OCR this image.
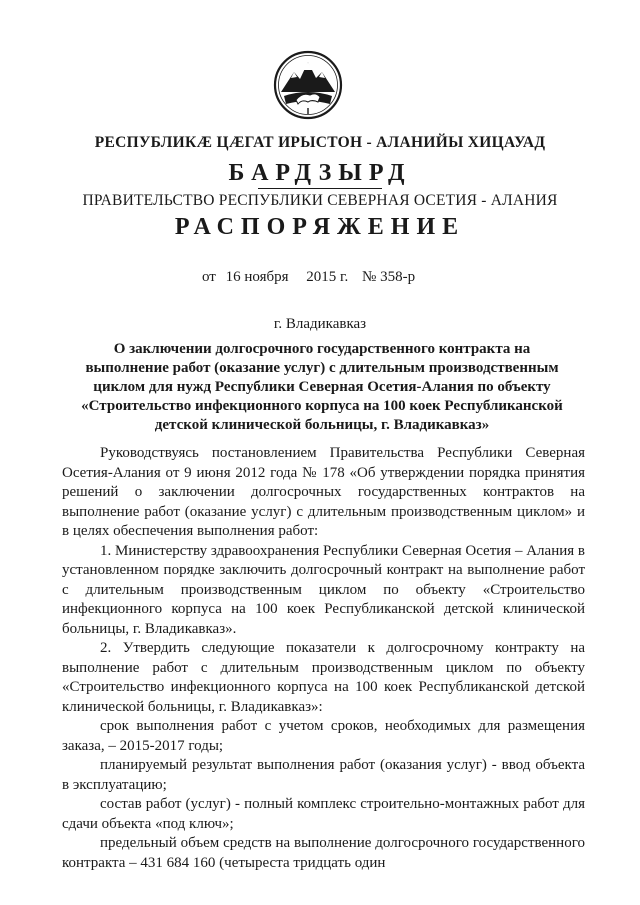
РЕСПУБЛИКÆ ЦÆГАТ ИРЫСТОН - АЛАНИЙЫ ХИЦАУАД
БАРДЗЫРД
ПРАВИТЕЛЬСТВО РЕСПУБЛИКИ СЕВЕРНАЯ ОСЕТИЯ - АЛАНИЯ
РАСПОРЯЖЕНИЕ
от 16 ноября 2015 г. № 358-р
г. Владикавказ
О заключении долгосрочного государственного контракта на
выполнение работ (оказание услуг) с длительным производственным
циклом для нужд Республики Северная Осетия-Алания по объекту
«Строительство инфекционного корпуса на 100 коек Республиканской
детской клинической больницы, г. Владикавказ»

Руководствуясь постановлением Правительства Республики Северная Осетия-Алания от 9 июня 2012 года № 178 «Об утверждении порядка принятия решений о заключении долгосрочных государственных контрактов на выполнение работ (оказание услуг) с длительным производственным циклом» и в целях обеспечения выполнения работ:

1. Министерству здравоохранения Республики Северная Осетия – Алания в установленном порядке заключить долгосрочный контракт на выполнение работ с длительным производственным циклом по объекту «Строительство инфекционного корпуса на 100 коек Республиканской детской клинической больницы, г. Владикавказ».

2. Утвердить следующие показатели к долгосрочному контракту на выполнение работ с длительным производственным циклом по объекту «Строительство инфекционного корпуса на 100 коек Республиканской детской клинической больницы, г. Владикавказ»:

срок выполнения работ с учетом сроков, необходимых для размещения заказа, – 2015-2017 годы;

планируемый результат выполнения работ (оказания услуг) - ввод объекта в эксплуатацию;

состав работ (услуг) - полный комплекс строительно-монтажных работ для сдачи объекта «под ключ»;

предельный объем средств на выполнение долгосрочного государственного контракта – 431 684 160 (четыреста тридцать один
